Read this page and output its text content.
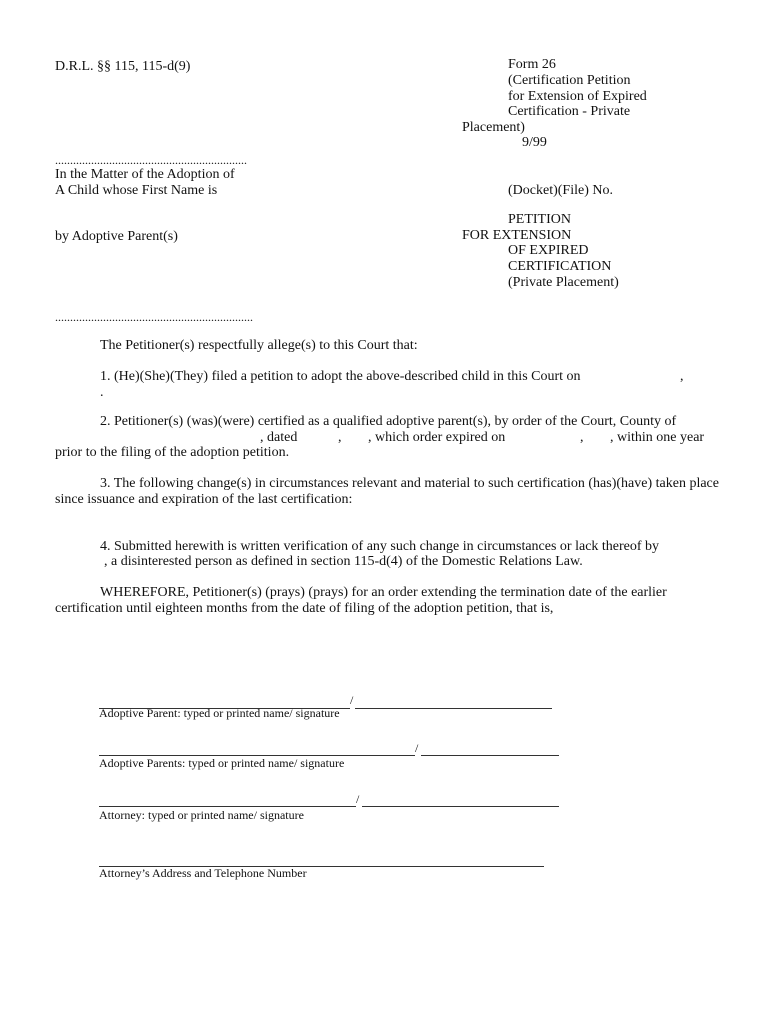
D.R.L. §§ 115, 115-d(9)	Form 26
(Certification Petition
for Extension of Expired
Certification - Private
Placement)
9/99
................................................................
In the Matter of the Adoption of
A Child whose First Name is	(Docket)(File) No.
PETITION
by Adoptive Parent(s)	FOR EXTENSION
OF EXPIRED
CERTIFICATION
(Private Placement)
..................................................................
The Petitioner(s) respectfully allege(s) to this Court that:
1. (He)(She)(They) filed a petition to adopt the above-described child in this Court on	,
.
2. Petitioner(s) (was)(were) certified as a qualified adoptive parent(s), by order of the Court, County of
, dated	, , which order expired on	, , within one year
prior to the filing of the adoption petition.
3. The following change(s) in circumstances relevant and material to such certification (has)(have) taken place
since issuance and expiration of the last certification:
4. Submitted herewith is written verification of any such change in circumstances or lack thereof by
, a disinterested person as defined in section 115-d(4) of the Domestic Relations Law.
WHEREFORE, Petitioner(s) (prays) (prays) for an order extending the termination date of the earlier
certification until eighteen months from the date of filing of the adoption petition, that is,
/
Adoptive Parent: typed or printed name/ signature
/
Adoptive Parents: typed or printed name/ signature
/
Attorney: typed or printed name/ signature
Attorney’s Address and Telephone Number
